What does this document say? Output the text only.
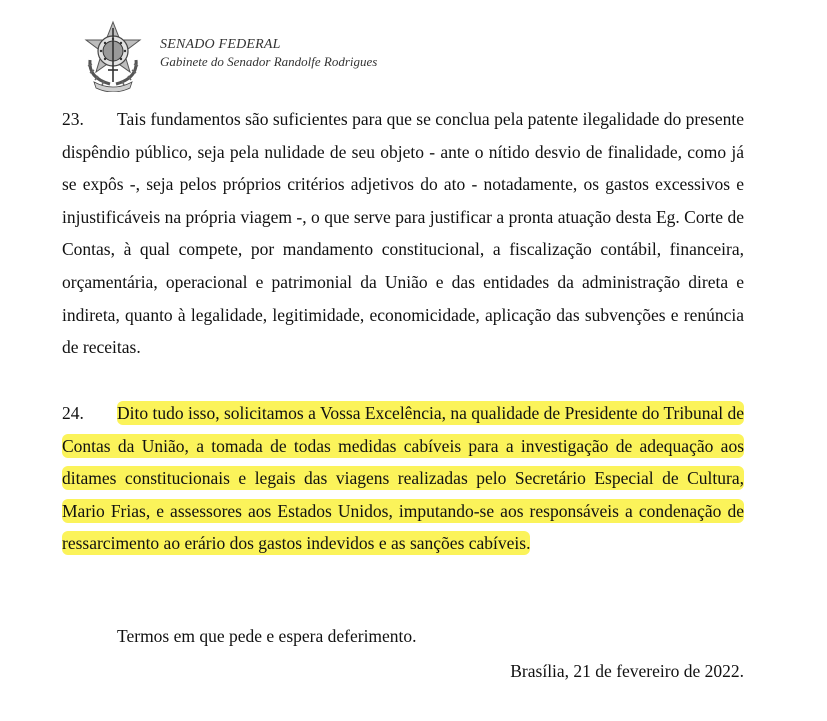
SENADO FEDERAL
Gabinete do Senador Randolfe Rodrigues
23. Tais fundamentos são suficientes para que se conclua pela patente ilegalidade do presente dispêndio público, seja pela nulidade de seu objeto - ante o nítido desvio de finalidade, como já se expôs -, seja pelos próprios critérios adjetivos do ato - notadamente, os gastos excessivos e injustificáveis na própria viagem -, o que serve para justificar a pronta atuação desta Eg. Corte de Contas, à qual compete, por mandamento constitucional, a fiscalização contábil, financeira, orçamentária, operacional e patrimonial da União e das entidades da administração direta e indireta, quanto à legalidade, legitimidade, economicidade, aplicação das subvenções e renúncia de receitas.
24. Dito tudo isso, solicitamos a Vossa Excelência, na qualidade de Presidente do Tribunal de Contas da União, a tomada de todas medidas cabíveis para a investigação de adequação aos ditames constitucionais e legais das viagens realizadas pelo Secretário Especial de Cultura, Mario Frias, e assessores aos Estados Unidos, imputando-se aos responsáveis a condenação de ressarcimento ao erário dos gastos indevidos e as sanções cabíveis.
Termos em que pede e espera deferimento.
Brasília, 21 de fevereiro de 2022.
